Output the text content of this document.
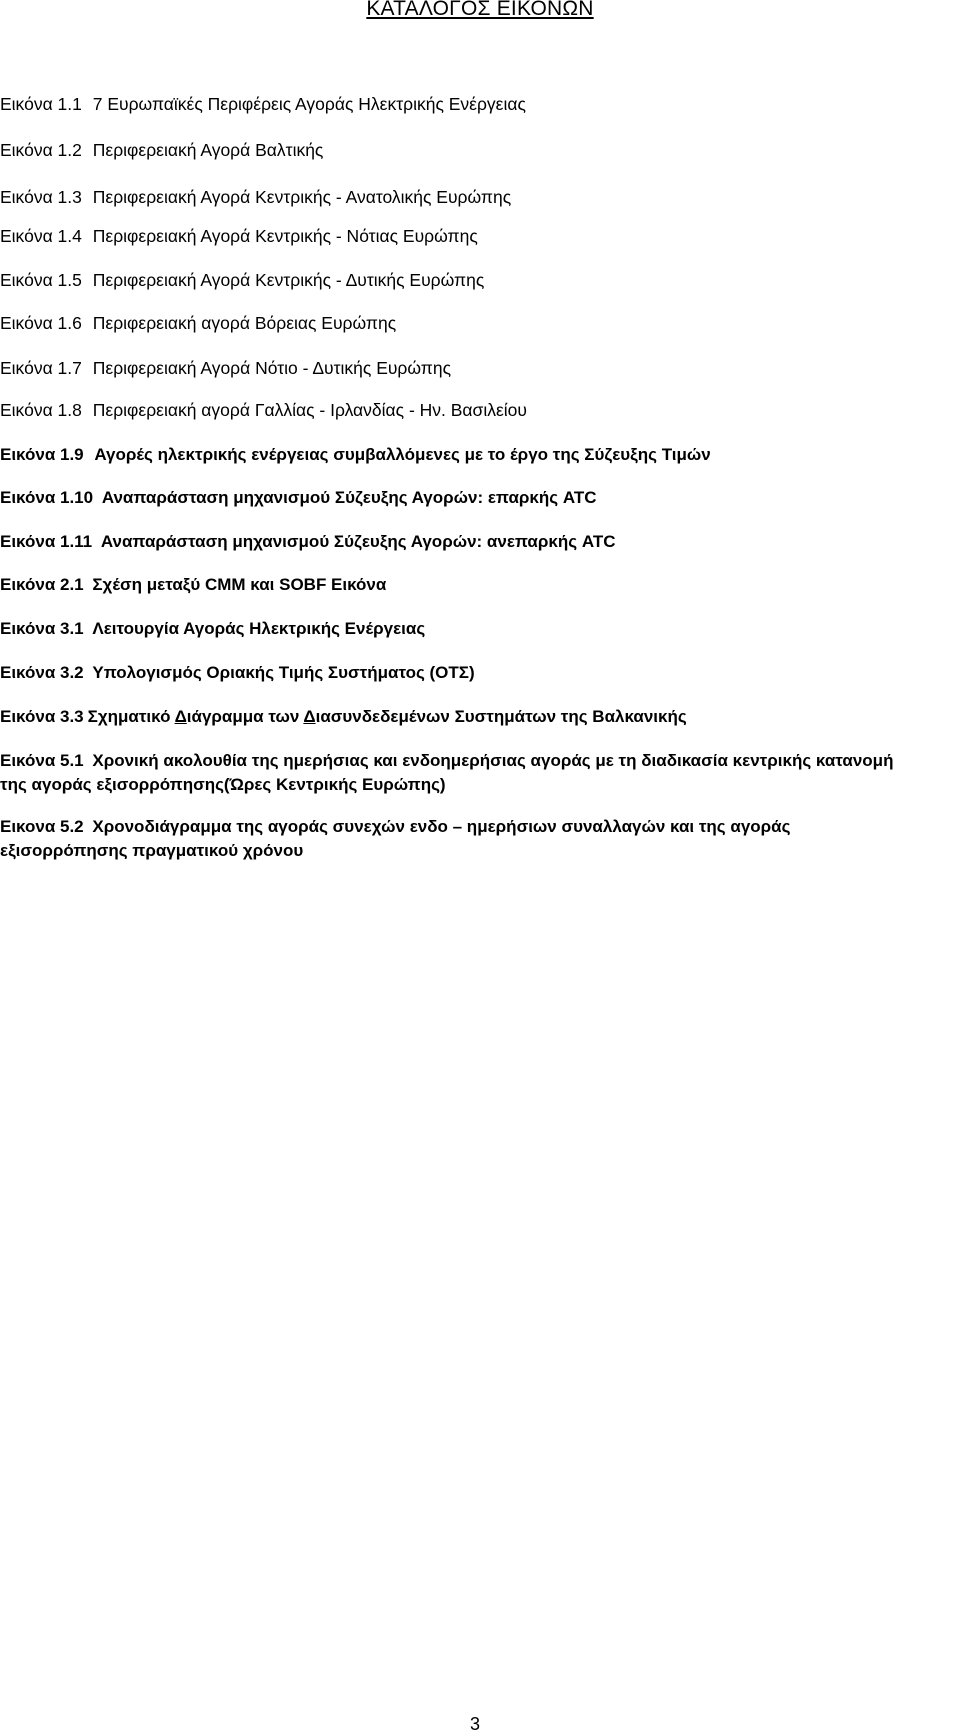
ΚΑΤΑΛΟΓΟΣ ΕΙΚΟΝΩΝ
Εικόνα 1.1 7 Ευρωπαϊκές Περιφέρεις Αγοράς Ηλεκτρικής Ενέργειας
Εικόνα 1.2 Περιφερειακή Αγορά Βαλτικής
Εικόνα 1.3 Περιφερειακή Αγορά Κεντρικής - Ανατολικής Ευρώπης
Εικόνα 1.4 Περιφερειακή Αγορά Κεντρικής - Νότιας Ευρώπης
Εικόνα 1.5 Περιφερειακή Αγορά Κεντρικής - Δυτικής Ευρώπης
Εικόνα 1.6 Περιφερειακή αγορά Βόρειας Ευρώπης
Εικόνα 1.7 Περιφερειακή Αγορά Νότιο - Δυτικής Ευρώπης
Εικόνα 1.8 Περιφερειακή αγορά Γαλλίας - Ιρλανδίας - Ην. Βασιλείου
Εικόνα 1.9 Αγορές ηλεκτρικής ενέργειας συμβαλλόμενες με το έργο της Σύζευξης Τιμών
Εικόνα 1.10 Αναπαράσταση μηχανισμού Σύζευξης Αγορών: επαρκής ATC
Εικόνα 1.11 Αναπαράσταση μηχανισμού Σύζευξης Αγορών: ανεπαρκής ATC
Εικόνα 2.1 Σχέση μεταξύ CMM και SOBF Εικόνα
Εικόνα 3.1 Λειτουργία Αγοράς Ηλεκτρικής Ενέργειας
Εικόνα 3.2 Υπολογισμός Οριακής Τιμής Συστήματος (ΟΤΣ)
Εικόνα 3.3 Σχηματικό Διάγραμμα των Διασυνδεδεμένων Συστημάτων της Βαλκανικής
Εικόνα 5.1 Χρονική ακολουθία της ημερήσιας και ενδοημερήσιας αγοράς με τη διαδικασία κεντρικής κατανομή
της αγοράς εξισορρόπησης(Ώρες Κεντρικής Ευρώπης)
Εικονα 5.2 Χρονοδιάγραμμα της αγοράς συνεχών ενδο – ημερήσιων συναλλαγών και της αγοράς
εξισορρόπησης πραγματικού χρόνου
3
